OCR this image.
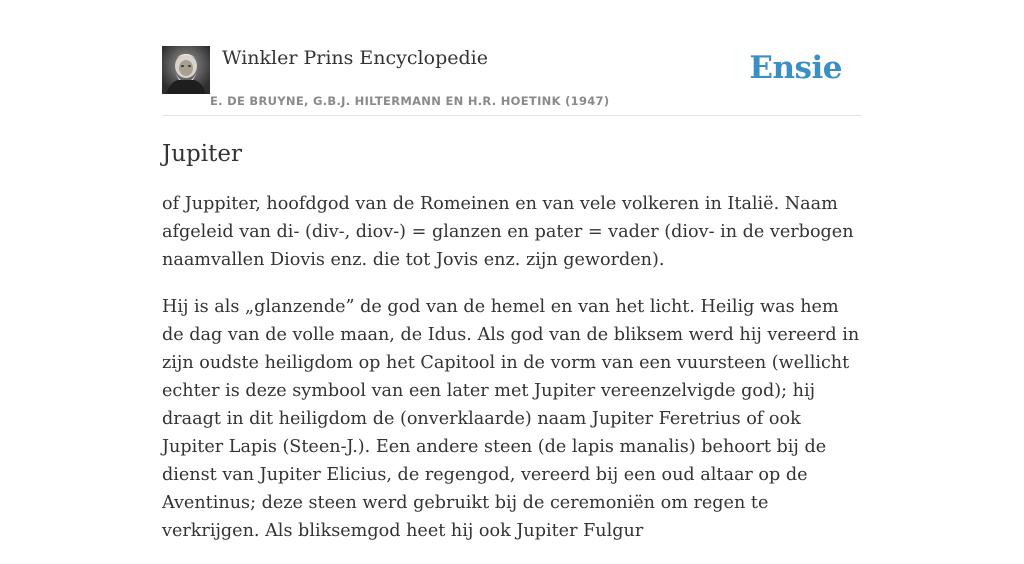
Winkler Prins Encyclopedie
E. DE BRUYNE, G.B.J. HILTERMANN EN H.R. HOETINK (1947)
Ensie
Jupiter

of Juppiter, hoofdgod van de Romeinen en van vele volkeren in Italië. Naam afgeleid van di- (div-, diov-) = glanzen en pater = vader (diov- in de verbogen naamvallen Diovis enz. die tot Jovis enz. zijn geworden).

Hij is als „glanzende” de god van de hemel en van het licht. Heilig was hem de dag van de volle maan, de Idus. Als god van de bliksem werd hij vereerd in zijn oudste heiligdom op het Capitool in de vorm van een vuursteen (wellicht echter is deze symbool van een later met Jupiter vereenzelvigde god); hij draagt in dit heiligdom de (onverklaarde) naam Jupiter Feretrius of ook Jupiter Lapis (Steen-J.). Een andere steen (de lapis manalis) behoort bij de dienst van Jupiter Elicius, de regengod, vereerd bij een oud altaar op de Aventinus; deze steen werd gebruikt bij de ceremoniën om regen te verkrijgen. Als bliksemgod heet hij ook Jupiter Fulgur
